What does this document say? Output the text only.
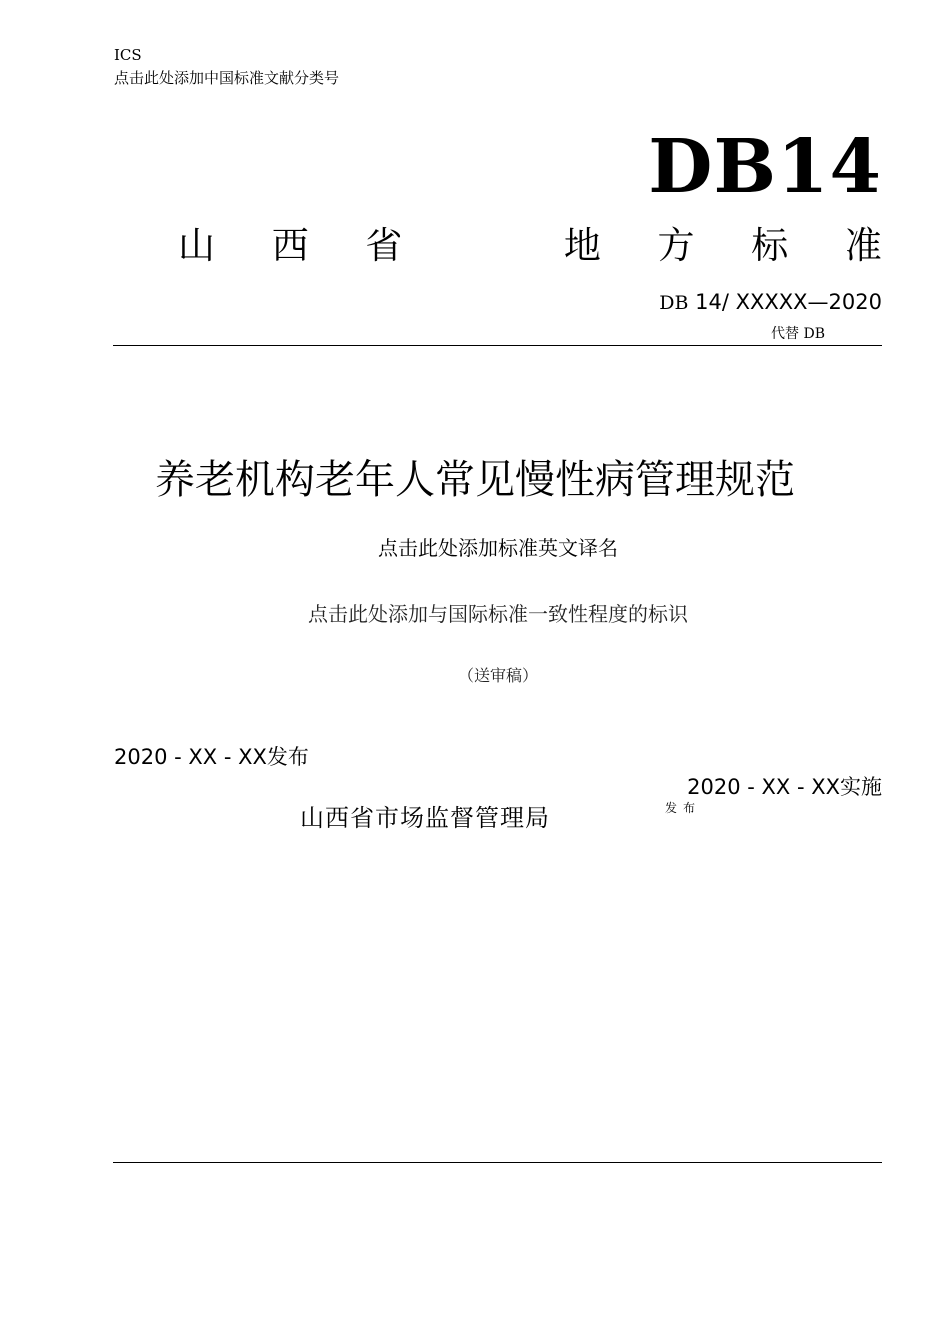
ICS
点击此处添加中国标准文献分类号
DB14
山 西 省	地 方 标 准
DB 14/ XXXXX—2020
代替 DB
养老机构老年人常见慢性病管理规范
点击此处添加标准英文译名
点击此处添加与国际标准一致性程度的标识
（送审稿）
2020 - XX - XX发布
2020 - XX - XX实施
山西省市场监督管理局	发布
